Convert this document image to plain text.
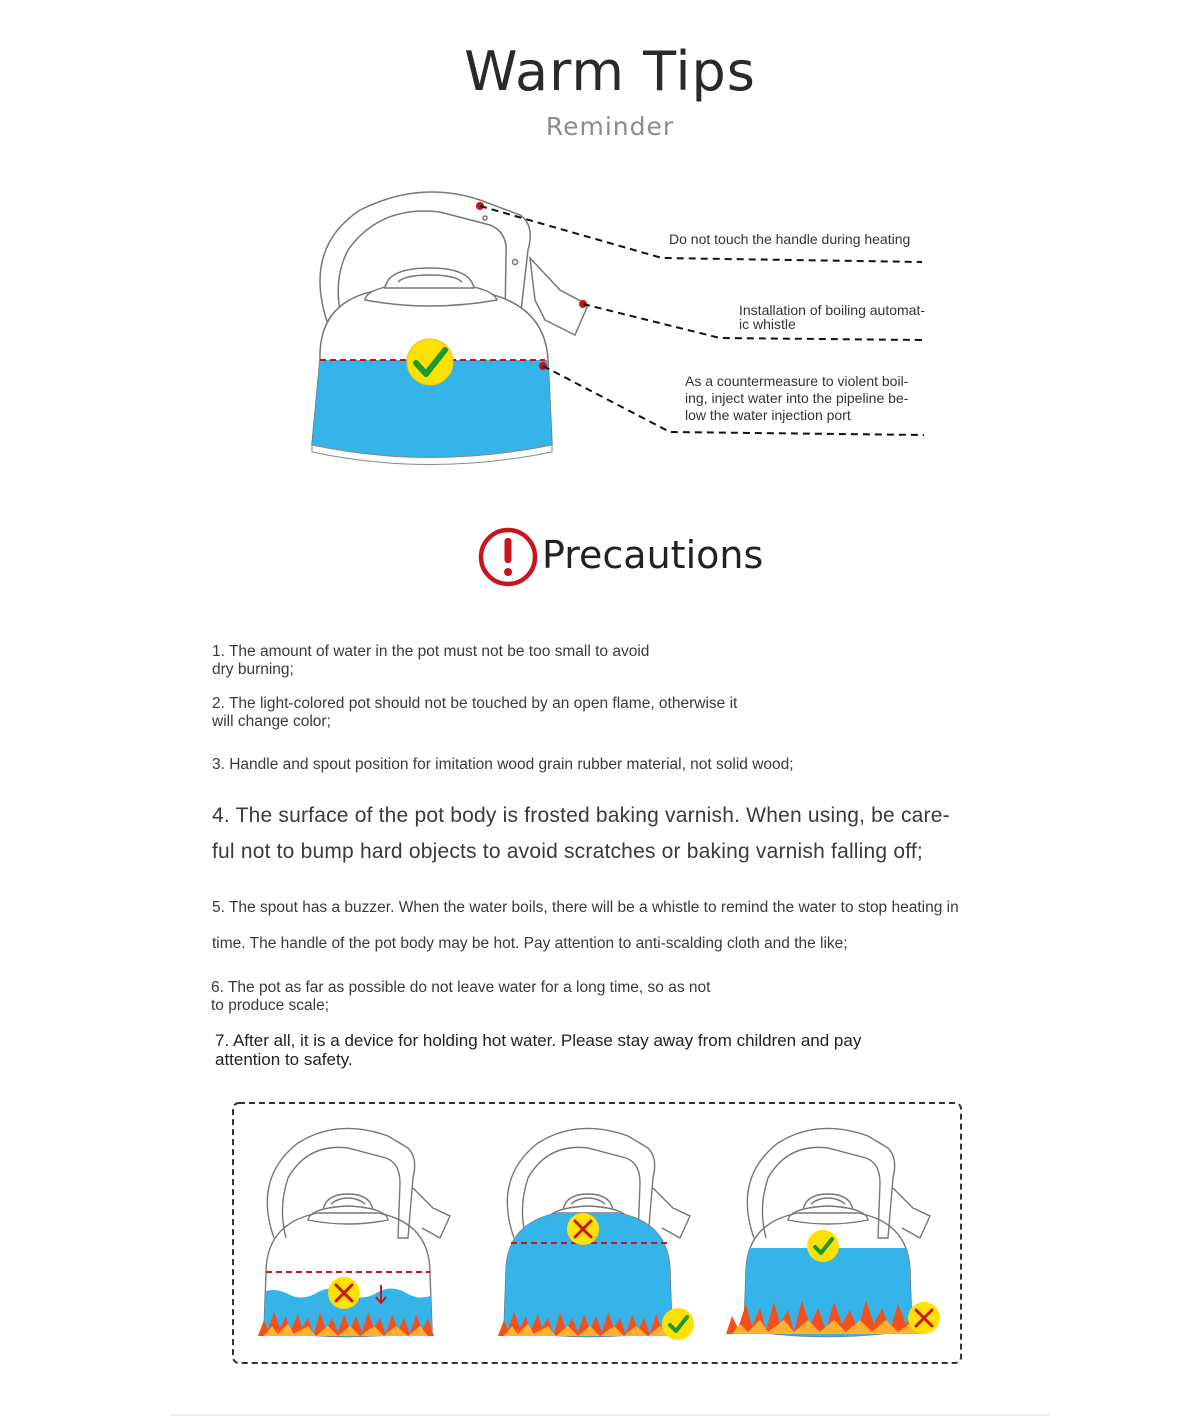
Warm Tips
Reminder
Do not touch the handle during heating
Installation of boiling automat-
ic whistle
As a countermeasure to violent boil-
ing, inject water into the pipeline be-
low the water injection port
Precautions
1. The amount of water in the pot must not be too small to avoid
dry burning;
2. The light-colored pot should not be touched by an open flame, otherwise it
will change color;
3. Handle and spout position for imitation wood grain rubber material, not solid wood;
4. The surface of the pot body is frosted baking varnish. When using, be care-
ful not to bump hard objects to avoid scratches or baking varnish falling off;
5. The spout has a buzzer. When the water boils, there will be a whistle to remind the water to stop heating in
time. The handle of the pot body may be hot. Pay attention to anti-scalding cloth and the like;
6. The pot as far as possible do not leave water for a long time, so as not
to produce scale;
7. After all, it is a device for holding hot water. Please stay away from children and pay
attention to safety.
